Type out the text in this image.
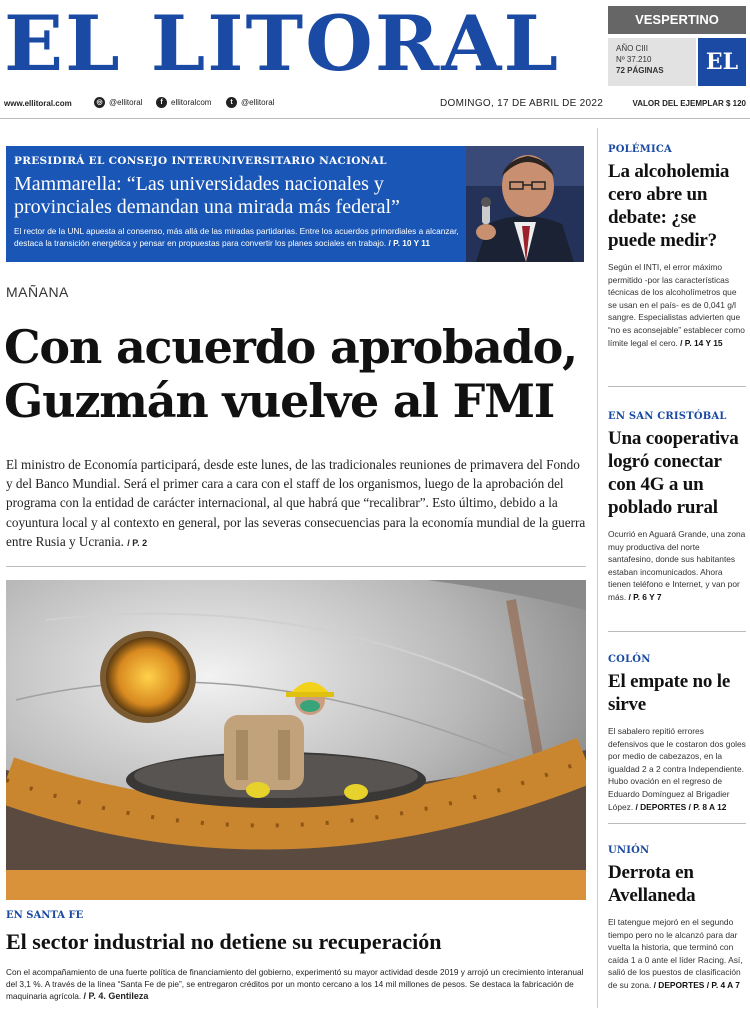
EL LITORAL	VESPERTINO
AÑO CIII
Nº 37.210
72 PÁGINAS	EL
www.ellitoral.com	◎ @ellitoral	f	ellitoralcom	t	@ellitoral	DOMINGO, 17 DE ABRIL DE 2022	VALOR DEL EJEMPLAR $ 120
PRESIDIRÁ EL CONSEJO INTERUNIVERSITARIO NACIONAL
Mammarella: “Las universidades nacionales y provinciales demandan una mirada más federal”
El rector de la UNL apuesta al consenso, más allá de las miradas partidarias. Entre los acuerdos primordiales a alcanzar, destaca la transición energética y pensar en propuestas para convertir los planes sociales en trabajo. / P. 10 Y 11
MAÑANA
Con acuerdo aprobado, Guzmán vuelve al FMI

El ministro de Economía participará, desde este lunes, de las tradicionales reuniones de primavera del Fondo y del Banco Mundial. Será el primer cara a cara con el staff de los organismos, luego de la aprobación del programa con la entidad de carácter internacional, al que habrá que “recalibrar”. Esto último, debido a la coyuntura local y al contexto en general, por las severas consecuencias para la economía mundial de la guerra entre Rusia y Ucrania. / P. 2

EN SANTA FE
El sector industrial no detiene su recuperación

Con el acompañamiento de una fuerte política de financiamiento del gobierno, experimentó su mayor actividad desde 2019 y arrojó un crecimiento interanual del 3,1 %. A través de la línea “Santa Fe de pie”, se entregaron créditos por un monto cercano a los 14 mil millones de pesos. Se destaca la fabricación de maquinaria agrícola. / P. 4. Gentileza

POLÉMICA
La alcoholemia cero abre un debate: ¿se puede medir?

Según el INTI, el error máximo permitido -por las características técnicas de los alcoholímetros que se usan en el país- es de 0,041 g/l sangre. Especialistas advierten que “no es aconsejable” establecer como límite legal el cero. / P. 14 Y 15

EN SAN CRISTÓBAL
Una cooperativa logró conectar con 4G a un poblado rural

Ocurrió en Aguará Grande, una zona muy productiva del norte santafesino, donde sus habitantes estaban incomunicados. Ahora tienen teléfono e Internet, y van por más. / P. 6 Y 7

COLÓN
El empate no le sirve

El sabalero repitió errores defensivos que le costaron dos goles por medio de cabezazos, en la igualdad 2 a 2 contra Independiente. Hubo ovación en el regreso de Eduardo Domínguez al Brigadier López. / DEPORTES / P. 8 A 12

UNIÓN
Derrota en Avellaneda

El tatengue mejoró en el segundo tiempo pero no le alcanzó para dar vuelta la historia, que terminó con caída 1 a 0 ante el líder Racing. Así, salió de los puestos de clasificación de su zona. / DEPORTES / P. 4 A 7
